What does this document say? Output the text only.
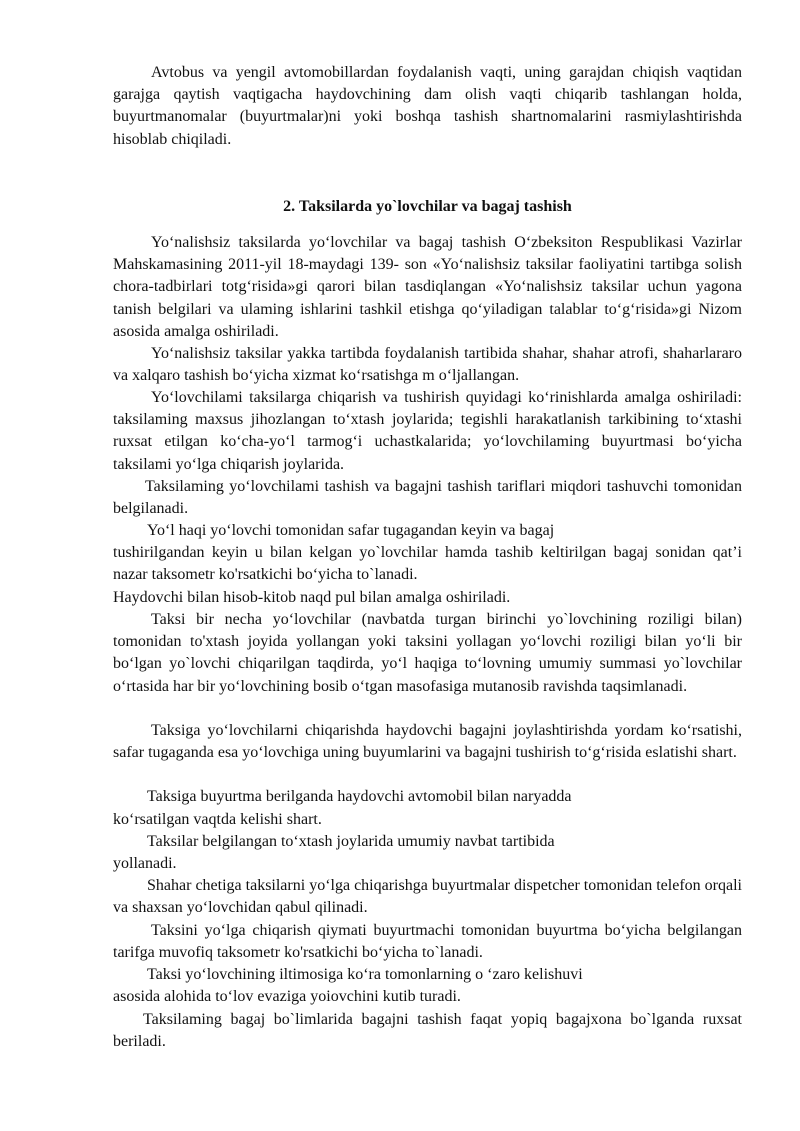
Avtobus va yengil avtomobillardan foydalanish vaqti, uning garajdan chiqish vaqtidan garajga qaytish vaqtigacha haydovchining dam olish vaqti chiqarib tashlangan holda, buyurtmanomalar (buyurtmalar)ni yoki boshqa tashish shartnomalarini rasmiylashtirishda hisoblab chiqiladi.

2. Taksilarda yo`lovchilar va bagaj tashish

Yo‘nalishsiz taksilarda yo‘lovchilar va bagaj tashish O‘zbeksiton Respublikasi Vazirlar Mahskamasining 2011-yil 18-maydagi 139- son «Yo‘nalishsiz taksilar faoliyatini tartibga solish chora-tadbirlari totg‘risida»gi qarori bilan tasdiqlangan «Yo‘nalishsiz taksilar uchun yagona tanish belgilari va ulaming ishlarini tashkil etishga qo‘yiladigan talablar to‘g‘risida»gi Nizom asosida amalga oshiriladi.

Yo‘nalishsiz taksilar yakka tartibda foydalanish tartibida shahar, shahar atrofi, shaharlararo va xalqaro tashish bo‘yicha xizmat ko‘rsatishga m o‘ljallangan.

Yo‘lovchilami taksilarga chiqarish va tushirish quyidagi ko‘rinishlarda amalga oshiriladi: taksilaming maxsus jihozlangan to‘xtash joylarida; tegishli harakatlanish tarkibining to‘xtashi ruxsat etilgan ko‘cha-yo‘l tarmog‘i uchastkalarida; yo‘lovchilaming buyurtmasi bo‘yicha taksilami yo‘lga chiqarish joylarida.

Taksilaming yo‘lovchilami tashish va bagajni tashish tariflari miqdori tashuvchi tomonidan belgilanadi.

Yo‘l haqi yo‘lovchi tomonidan safar tugagandan keyin va bagaj

tushirilgandan keyin u bilan kelgan yo`lovchilar hamda tashib keltirilgan bagaj sonidan qat’i nazar taksometr ko'rsatkichi bo‘yicha to`lanadi.

Haydovchi bilan hisob-kitob naqd pul bilan amalga oshiriladi.

Taksi bir necha yo‘lovchilar (navbatda turgan birinchi yo`lovchining roziligi bilan) tomonidan to'xtash joyida yollangan yoki taksini yollagan yo‘lovchi roziligi bilan yo‘li bir bo‘lgan yo`lovchi chiqarilgan taqdirda, yo‘l haqiga to‘lovning umumiy summasi yo`lovchilar o‘rtasida har bir yo‘lovchining bosib o‘tgan masofasiga mutanosib ravishda taqsimlanadi.

Taksiga yo‘lovchilarni chiqarishda haydovchi bagajni joylashtirishda yordam ko‘rsatishi, safar tugaganda esa yo‘lovchiga uning buyumlarini va bagajni tushirish to‘g‘risida eslatishi shart.

Taksiga buyurtma berilganda haydovchi avtomobil bilan naryadda

ko‘rsatilgan vaqtda kelishi shart.

Taksilar belgilangan to‘xtash joylarida umumiy navbat tartibida

yollanadi.

Shahar chetiga taksilarni yo‘lga chiqarishga buyurtmalar dispetcher tomonidan telefon orqali va shaxsan yo‘lovchidan qabul qilinadi.

Taksini yo‘lga chiqarish qiymati buyurtmachi tomonidan buyurtma bo‘yicha belgilangan tarifga muvofiq taksometr ko'rsatkichi bo‘yicha to`lanadi.

Taksi yo‘lovchining iltimosiga ko‘ra tomonlarning o ‘zaro kelishuvi

asosida alohida to‘lov evaziga yoiovchini kutib turadi.

Taksilaming bagaj bo`limlarida bagajni tashish faqat yopiq bagajxona bo`lganda ruxsat beriladi.
